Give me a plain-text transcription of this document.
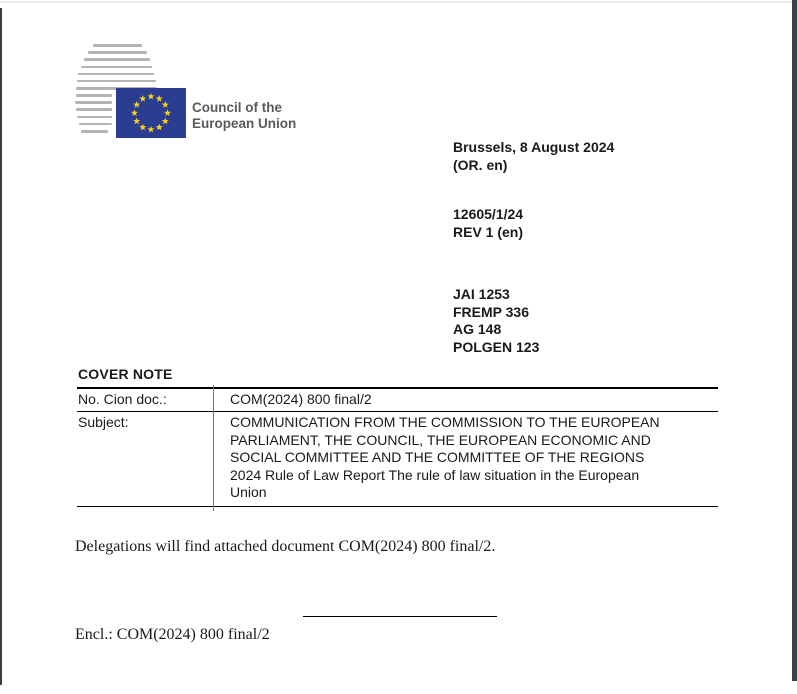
Council of the
European Union
Brussels, 8 August 2024
(OR. en)
12605/1/24
REV 1 (en)
JAI 1253
FREMP 336
AG 148
POLGEN 123
COVER NOTE
No. Cion doc.:	COM(2024) 800 final/2
Subject:	COMMUNICATION FROM THE COMMISSION TO THE EUROPEAN
PARLIAMENT, THE COUNCIL, THE EUROPEAN ECONOMIC AND
SOCIAL COMMITTEE AND THE COMMITTEE OF THE REGIONS
2024 Rule of Law Report The rule of law situation in the European
Union
Delegations will find attached document COM(2024) 800 final/2.
Encl.: COM(2024) 800 final/2
